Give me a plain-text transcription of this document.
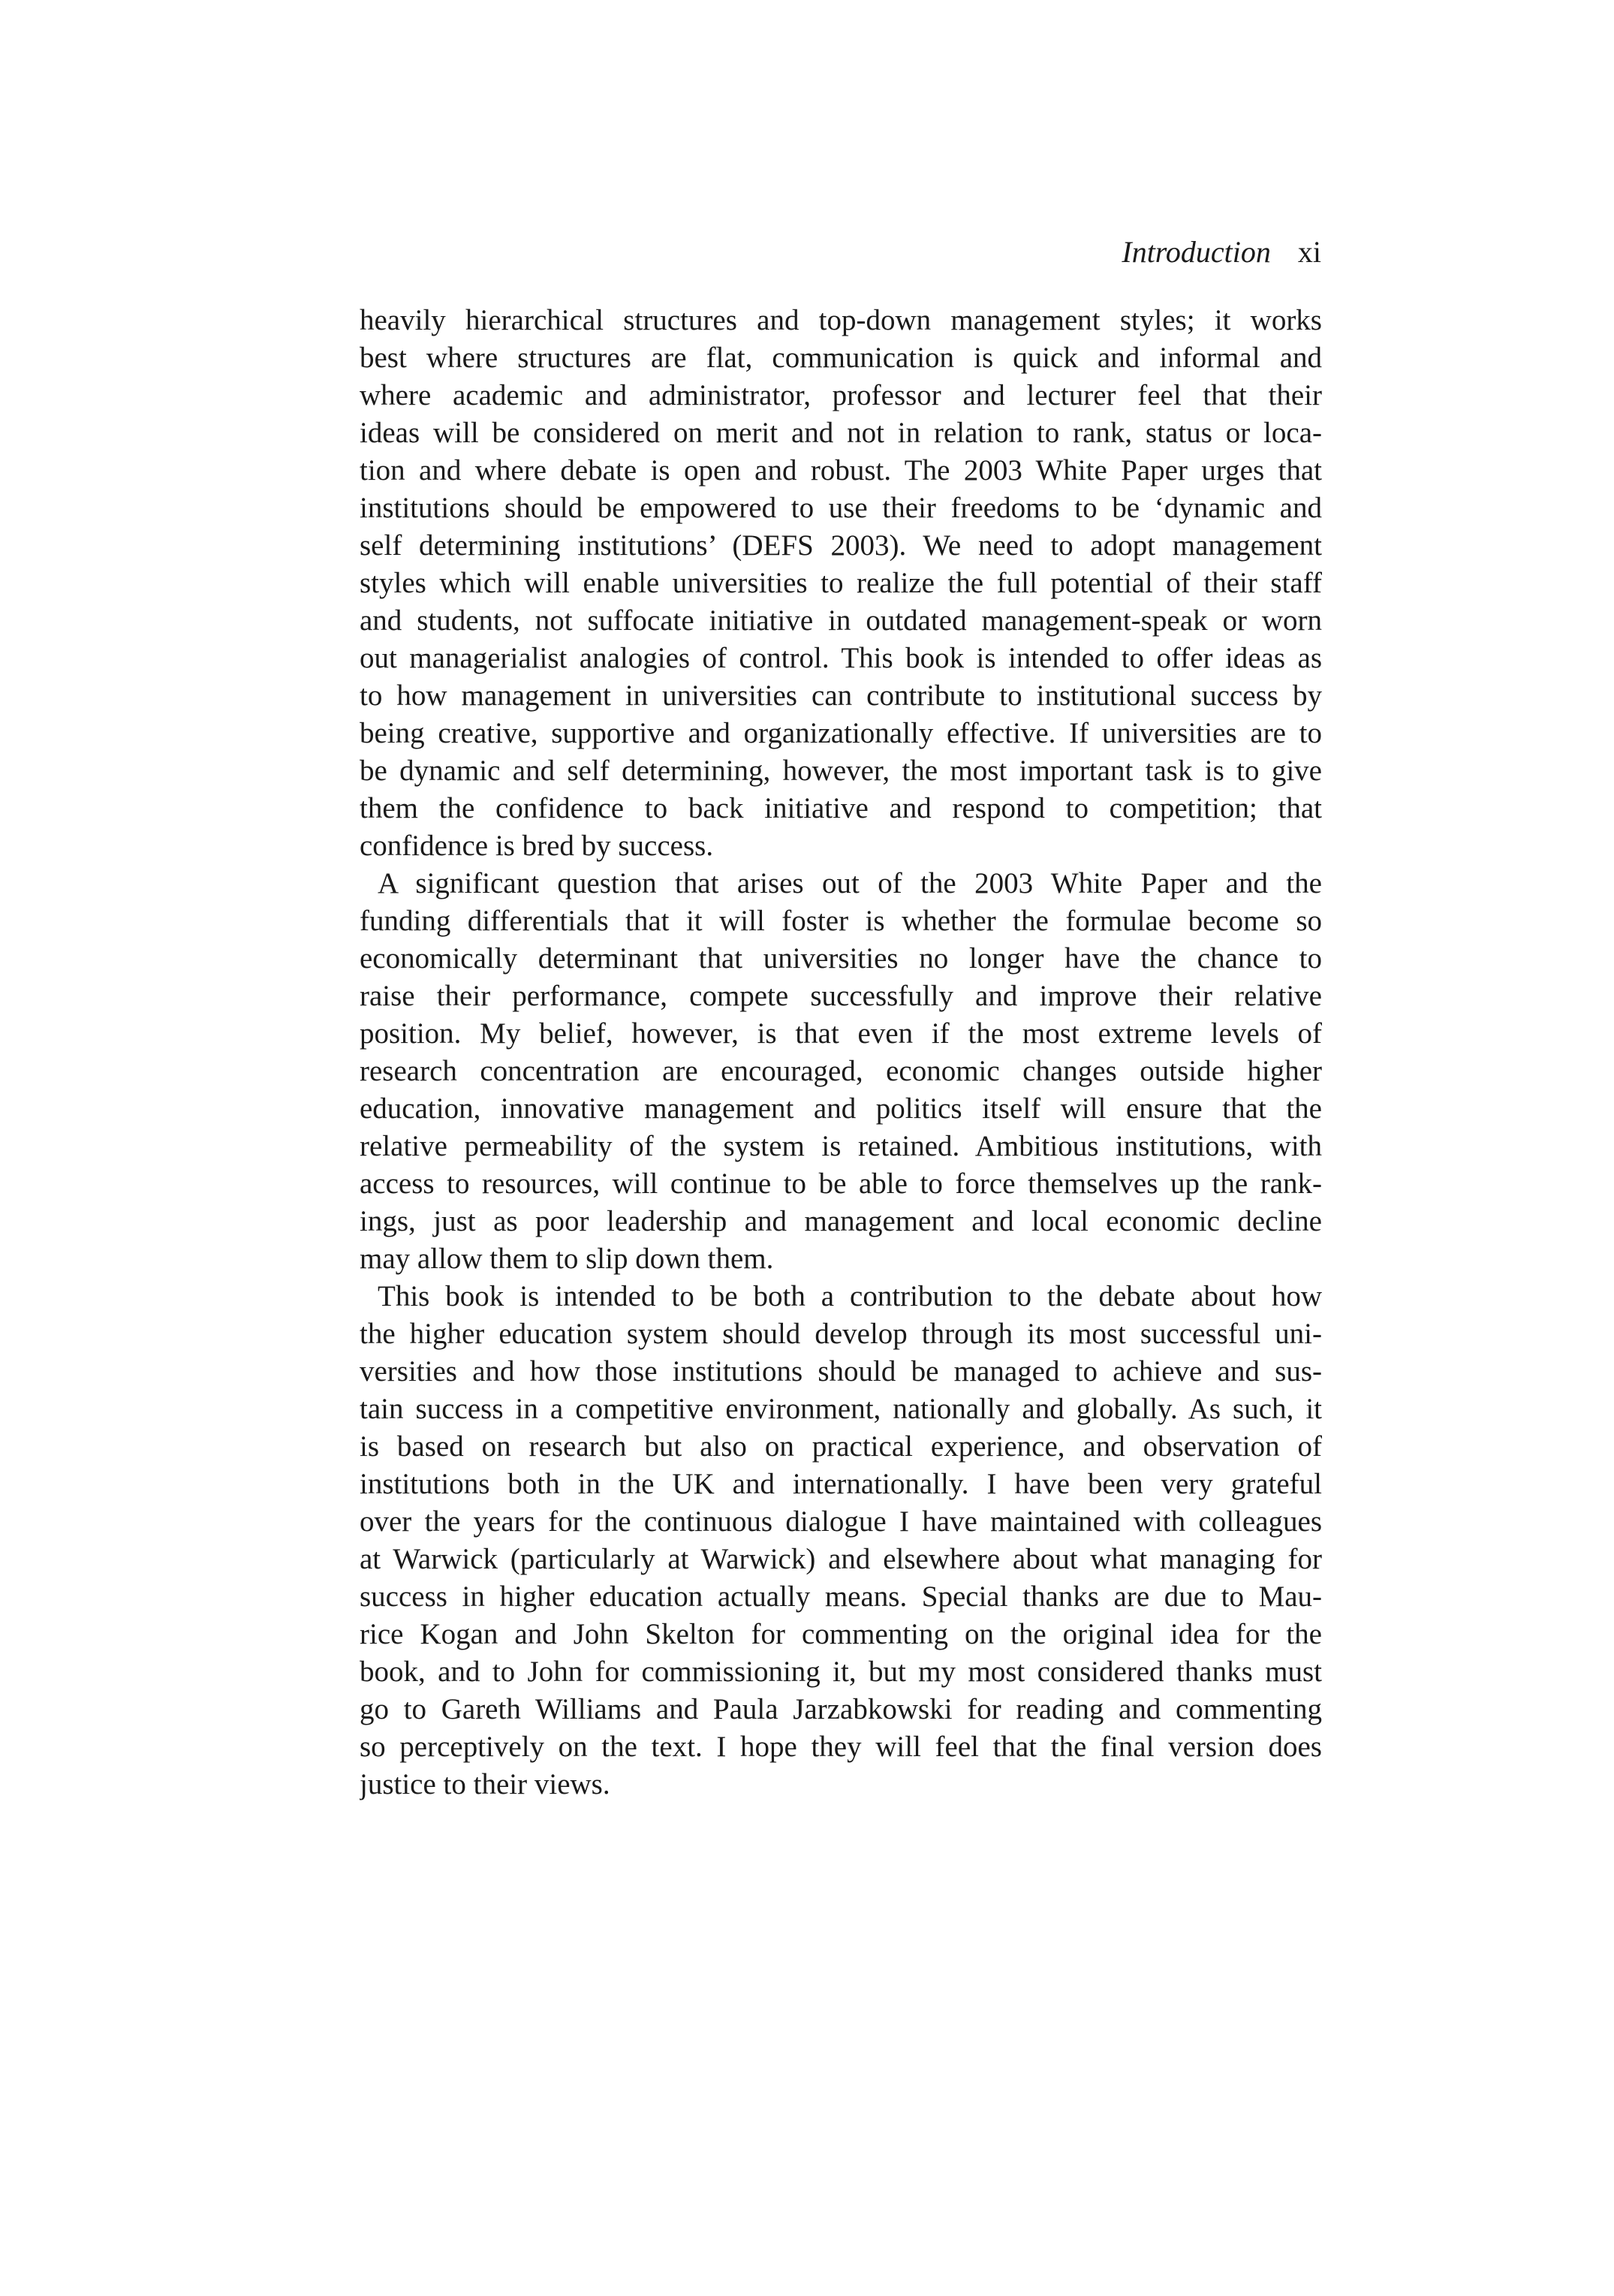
Introduction xi
heavily hierarchical structures and top-down management styles; it works
best where structures are flat, communication is quick and informal and
where academic and administrator, professor and lecturer feel that their
ideas will be considered on merit and not in relation to rank, status or loca-
tion and where debate is open and robust. The 2003 White Paper urges that
institutions should be empowered to use their freedoms to be ‘dynamic and
self determining institutions’ (DEFS 2003). We need to adopt management
styles which will enable universities to realize the full potential of their staff
and students, not suffocate initiative in outdated management-speak or worn
out managerialist analogies of control. This book is intended to offer ideas as
to how management in universities can contribute to institutional success by
being creative, supportive and organizationally effective. If universities are to
be dynamic and self determining, however, the most important task is to give
them the confidence to back initiative and respond to competition; that
confidence is bred by success.
A significant question that arises out of the 2003 White Paper and the
funding differentials that it will foster is whether the formulae become so
economically determinant that universities no longer have the chance to
raise their performance, compete successfully and improve their relative
position. My belief, however, is that even if the most extreme levels of
research concentration are encouraged, economic changes outside higher
education, innovative management and politics itself will ensure that the
relative permeability of the system is retained. Ambitious institutions, with
access to resources, will continue to be able to force themselves up the rank-
ings, just as poor leadership and management and local economic decline
may allow them to slip down them.
This book is intended to be both a contribution to the debate about how
the higher education system should develop through its most successful uni-
versities and how those institutions should be managed to achieve and sus-
tain success in a competitive environment, nationally and globally. As such, it
is based on research but also on practical experience, and observation of
institutions both in the UK and internationally. I have been very grateful
over the years for the continuous dialogue I have maintained with colleagues
at Warwick (particularly at Warwick) and elsewhere about what managing for
success in higher education actually means. Special thanks are due to Mau-
rice Kogan and John Skelton for commenting on the original idea for the
book, and to John for commissioning it, but my most considered thanks must
go to Gareth Williams and Paula Jarzabkowski for reading and commenting
so perceptively on the text. I hope they will feel that the final version does
justice to their views.
